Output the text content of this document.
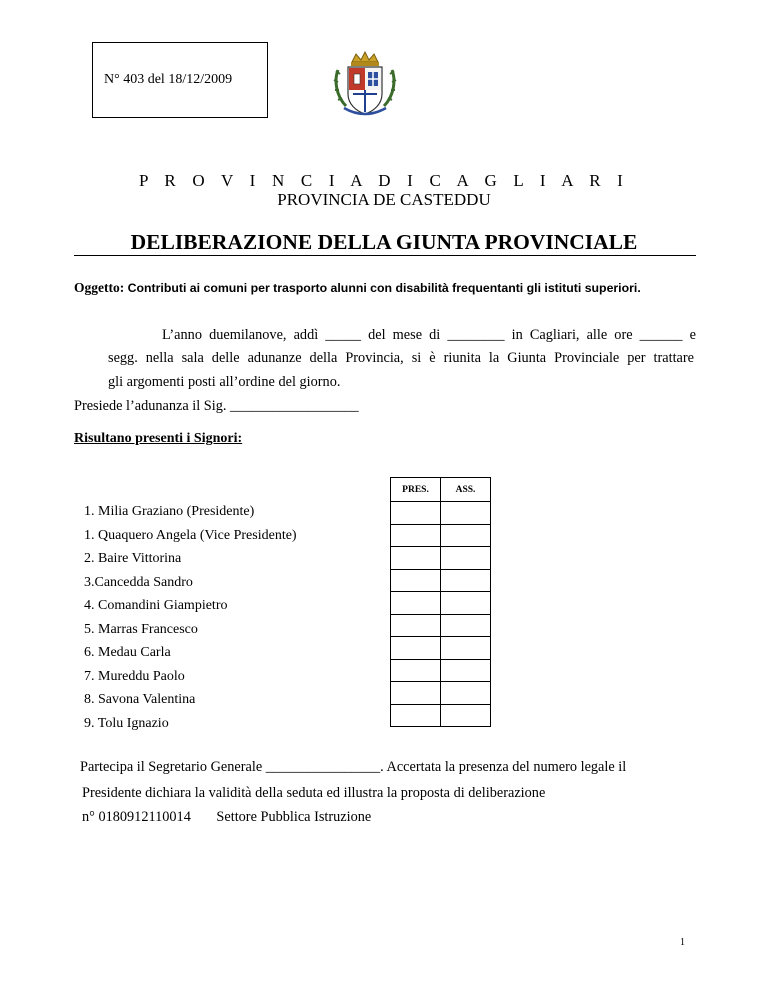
N° 403 del 18/12/2009
P R O V I N C I A D I C A G L I A R I
PROVINCIA DE CASTEDDU
DELIBERAZIONE DELLA GIUNTA PROVINCIALE
Oggetto: Contributi ai comuni per trasporto alunni con disabilità frequentanti gli istituti superiori.
L’anno duemilanove, addì _____ del mese di ________ in Cagliari, alle ore ______ e
segg. nella sala delle adunanze della Provincia, si è riunita la Giunta Provinciale per trattare
gli argomenti posti all’ordine del giorno.
Presiede l’adunanza il Sig. __________________
Risultano presenti i Signori:
PRES.	ASS.

1. Milia Graziano (Presidente)
1. Quaquero Angela (Vice Presidente)
2. Baire Vittorina
3.Cancedda Sandro
4. Comandini Giampietro
5. Marras Francesco
6. Medau Carla
7. Mureddu Paolo
8. Savona Valentina
9. Tolu Ignazio
Partecipa il Segretario Generale ________________. Accertata la presenza del numero legale il
Presidente dichiara la validità della seduta ed illustra la proposta di deliberazione
n° 0180912110014 Settore Pubblica Istruzione
1
